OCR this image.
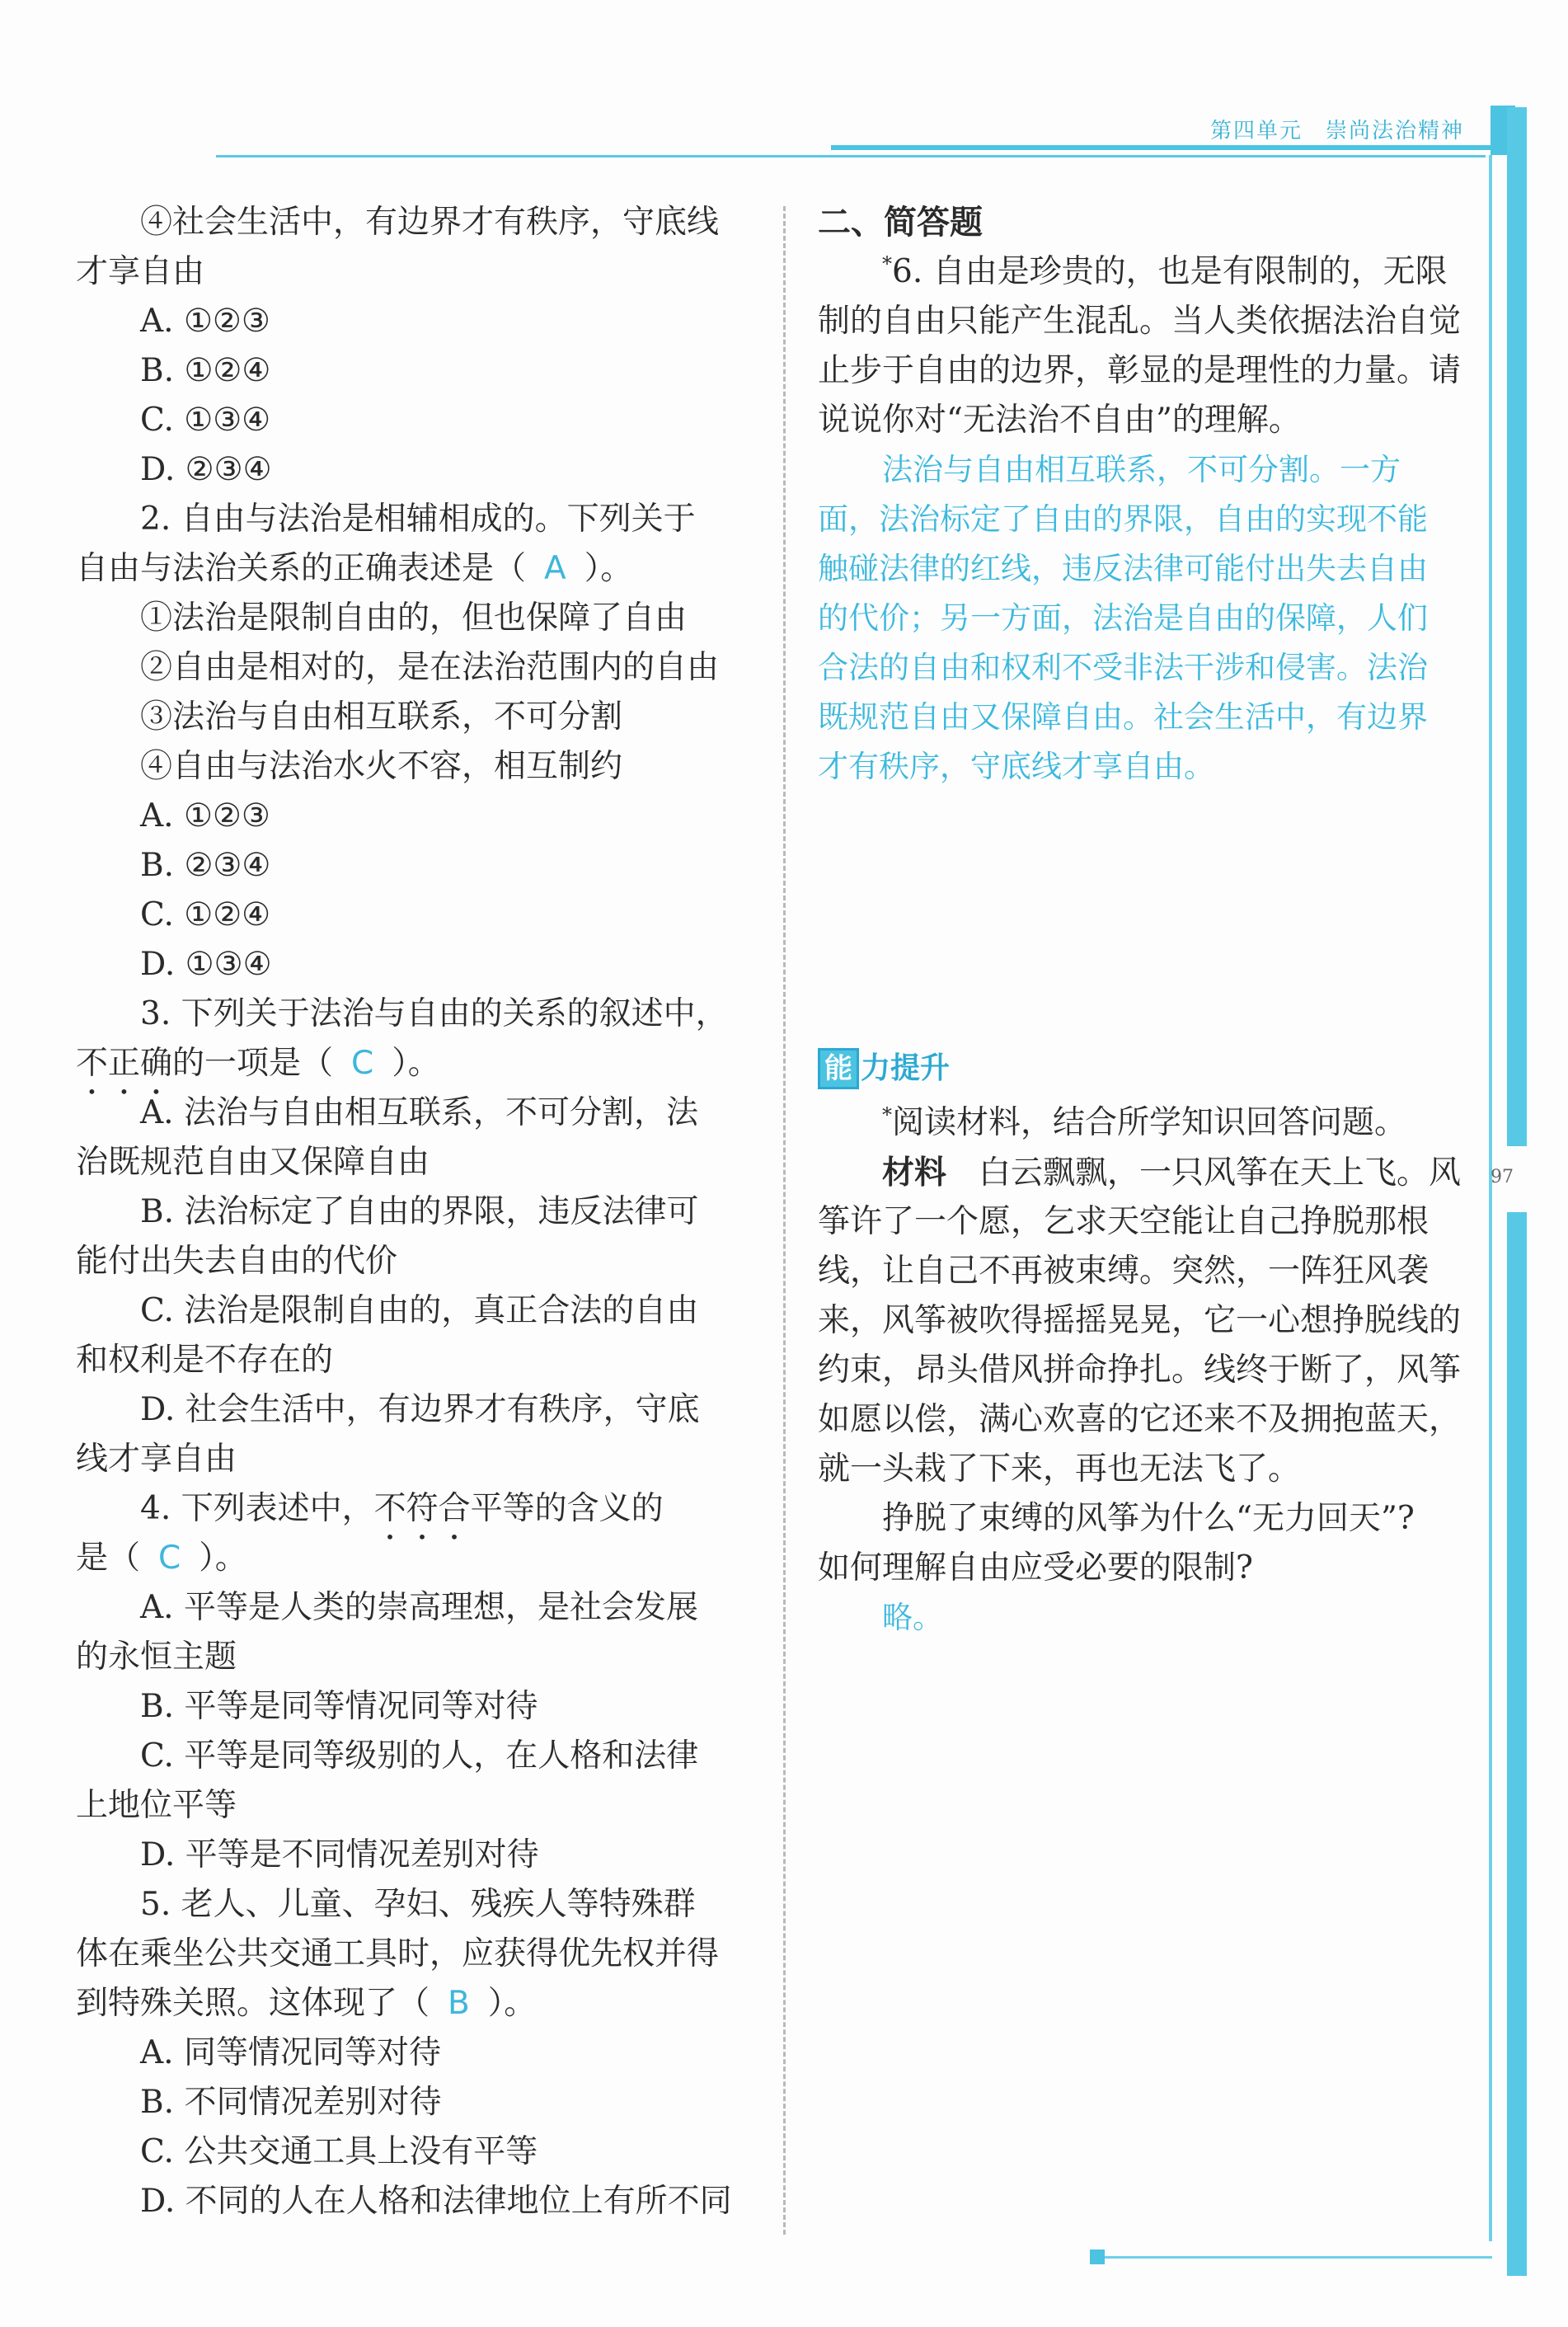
第四单元　崇尚法治精神
97
④社会生活中，有边界才有秩序，守底线
才享自由
A. ①②③
B. ①②④
C. ①③④
D. ②③④
2. 自由与法治是相辅相成的。下列关于
自由与法治关系的正确表述是（ A ）。
①法治是限制自由的，但也保障了自由
②自由是相对的，是在法治范围内的自由
③法治与自由相互联系，不可分割
④自由与法治水火不容，相互制约
A. ①②③
B. ②③④
C. ①②④
D. ①③④
3. 下列关于法治与自由的关系的叙述中，
不正确的一项是（ C ）。
A. 法治与自由相互联系，不可分割，法
治既规范自由又保障自由
B. 法治标定了自由的界限，违反法律可
能付出失去自由的代价
C. 法治是限制自由的，真正合法的自由
和权利是不存在的
D. 社会生活中，有边界才有秩序，守底
线才享自由
4. 下列表述中，不符合平等的含义的
是（ C ）。
A. 平等是人类的崇高理想，是社会发展
的永恒主题
B. 平等是同等情况同等对待
C. 平等是同等级别的人，在人格和法律
上地位平等
D. 平等是不同情况差别对待
5. 老人、儿童、孕妇、残疾人等特殊群
体在乘坐公共交通工具时，应获得优先权并得
到特殊关照。这体现了（ B ）。
A. 同等情况同等对待
B. 不同情况差别对待
C. 公共交通工具上没有平等
D. 不同的人在人格和法律地位上有所不同
二、简答题
*6. 自由是珍贵的，也是有限制的，无限
制的自由只能产生混乱。当人类依据法治自觉
止步于自由的边界，彰显的是理性的力量。请
说说你对“无法治不自由”的理解。
法治与自由相互联系，不可分割。一方
面，法治标定了自由的界限，自由的实现不能
触碰法律的红线，违反法律可能付出失去自由
的代价；另一方面，法治是自由的保障，人们
合法的自由和权利不受非法干涉和侵害。法治
既规范自由又保障自由。社会生活中，有边界
才有秩序，守底线才享自由。
能 力提升
*阅读材料，结合所学知识回答问题。
材料　 白云飘飘，一只风筝在天上飞。风
筝许了一个愿，乞求天空能让自己挣脱那根
线，让自己不再被束缚。突然，一阵狂风袭
来，风筝被吹得摇摇晃晃，它一心想挣脱线的
约束，昂头借风拼命挣扎。线终于断了，风筝
如愿以偿，满心欢喜的它还来不及拥抱蓝天，
就一头栽了下来，再也无法飞了。
挣脱了束缚的风筝为什么“无力回天”?
如何理解自由应受必要的限制?
略。
